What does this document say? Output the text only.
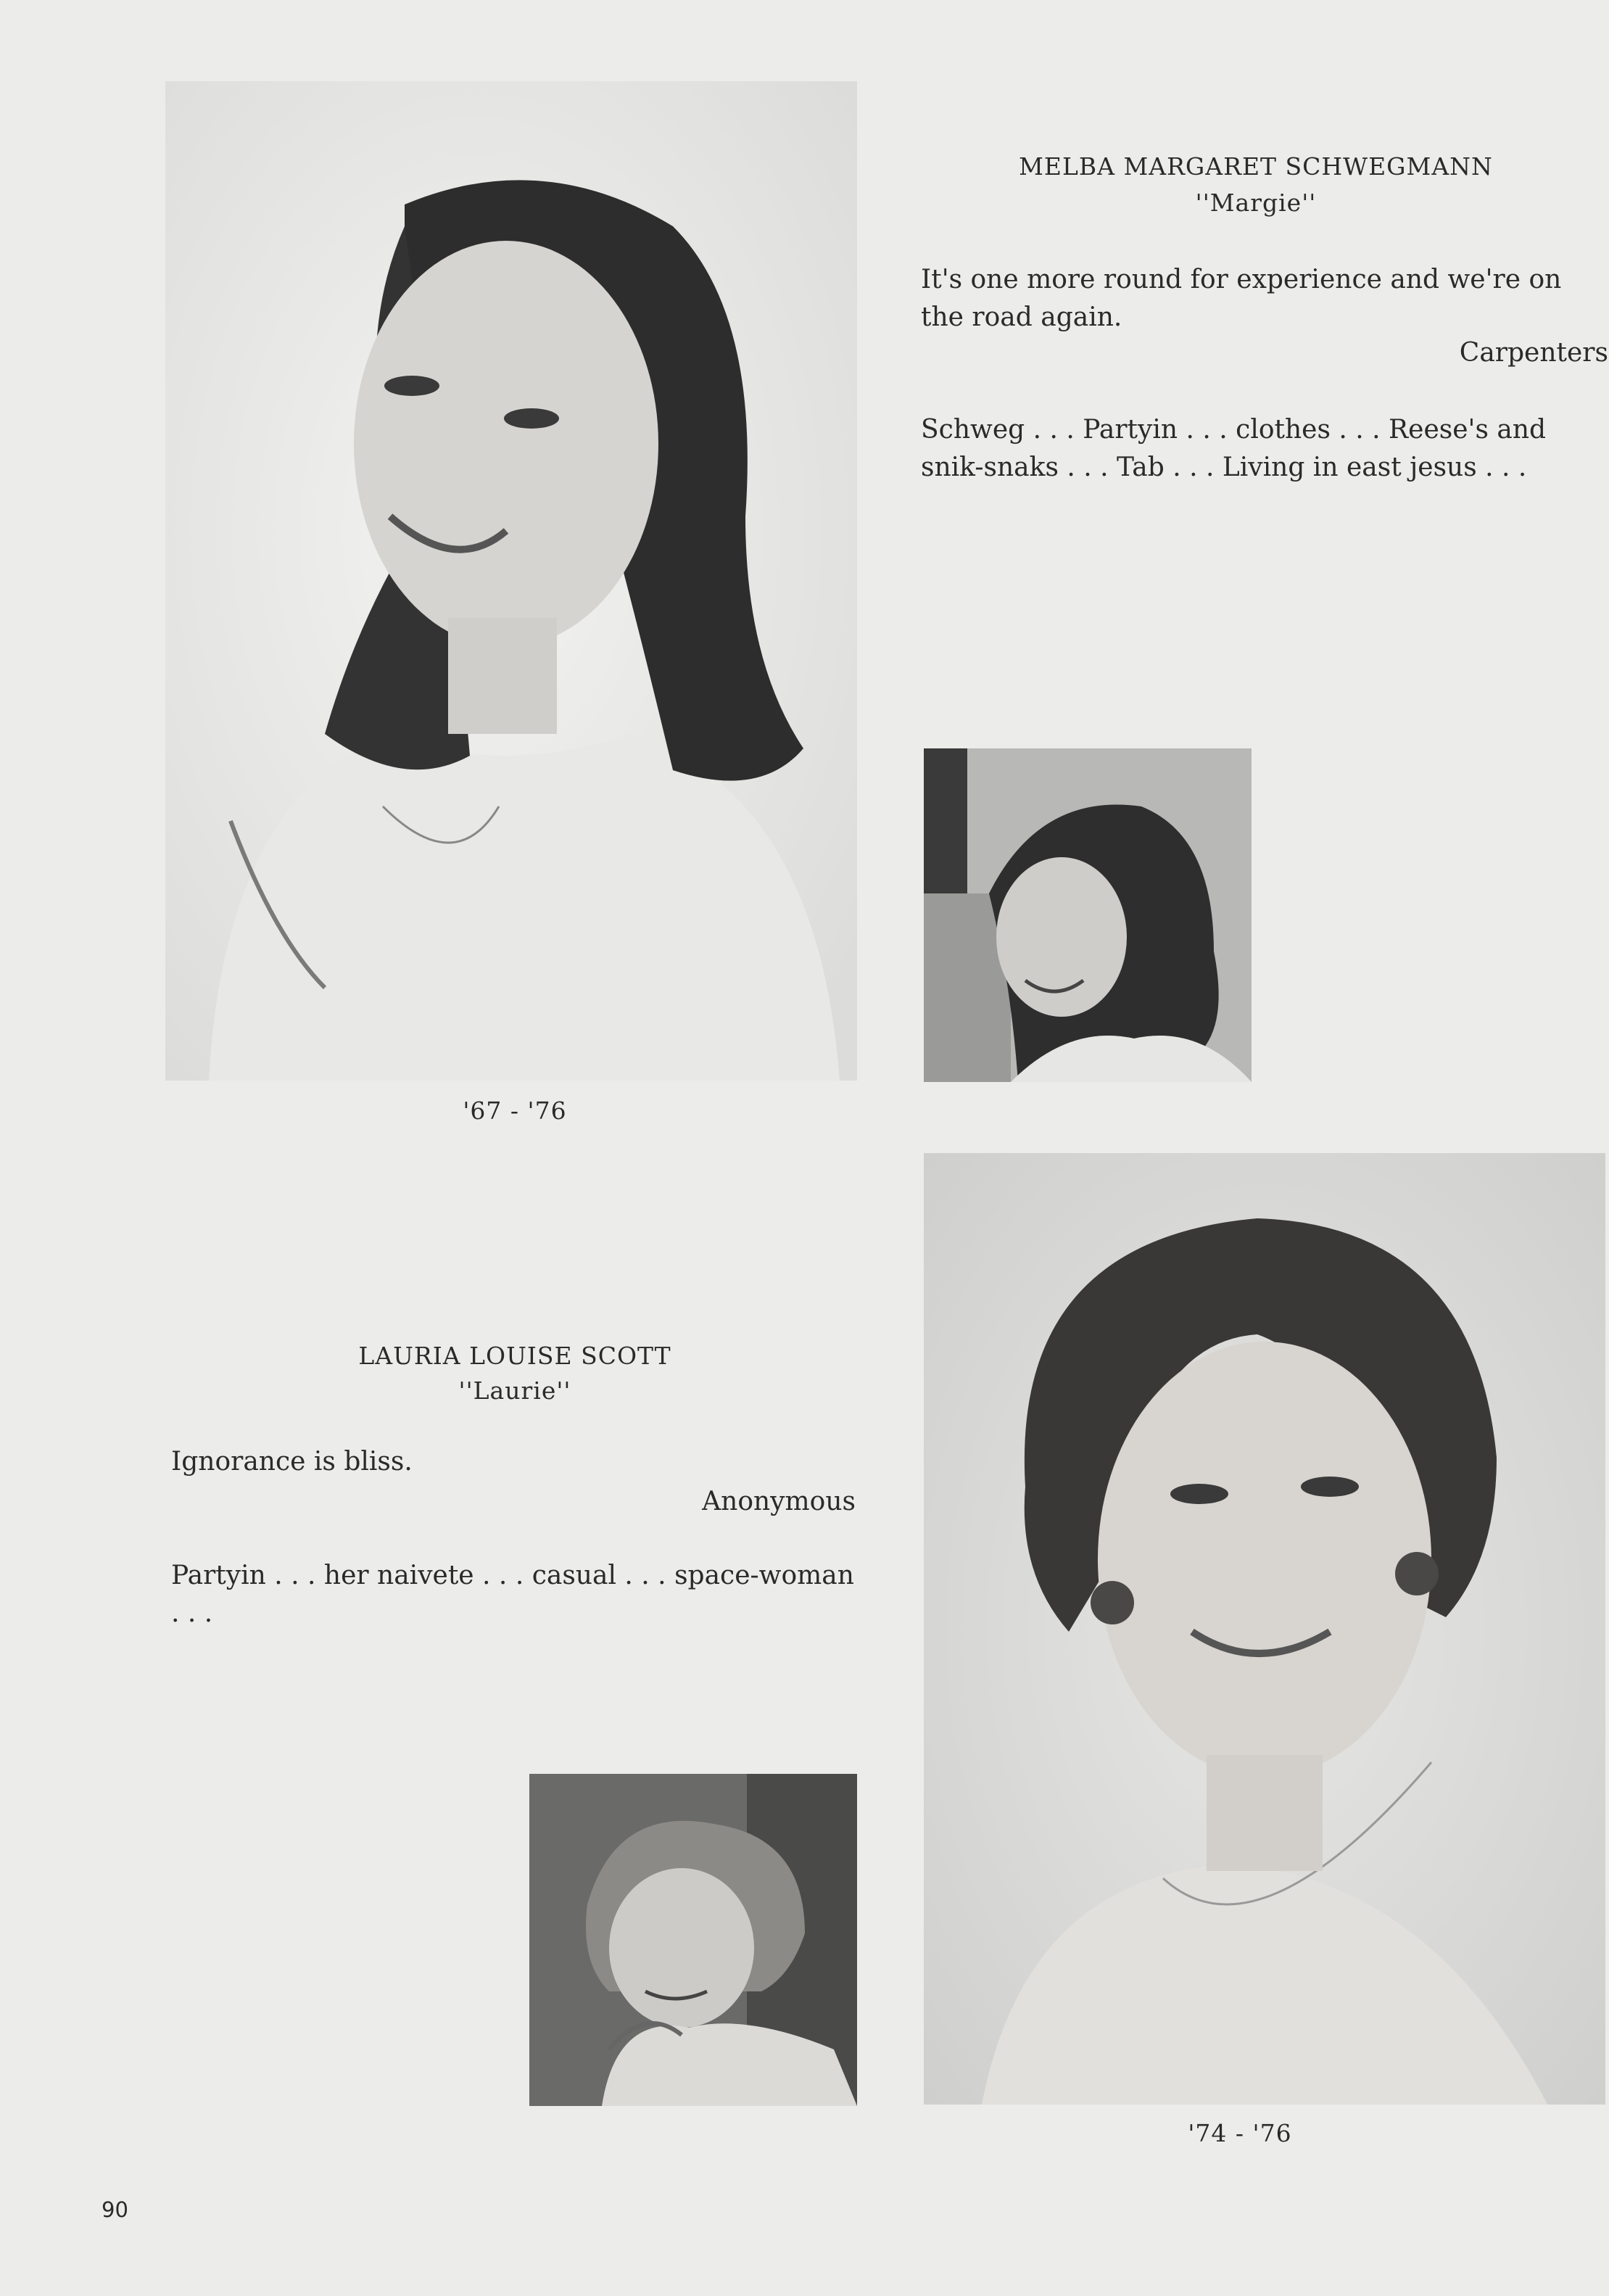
MELBA MARGARET SCHWEGMANN
''Margie''
It's one more round for experience and we're on the road again.
Carpenters
Schweg . . . Partyin . . . clothes . . . Reese's and snik-snaks . . . Tab . . . Living in east jesus . . .
'67 - '76
LAURIA LOUISE SCOTT
''Laurie''
Ignorance is bliss.
Anonymous
Partyin . . . her naivete . . . casual . . . space-woman . . .
'74 - '76
90
